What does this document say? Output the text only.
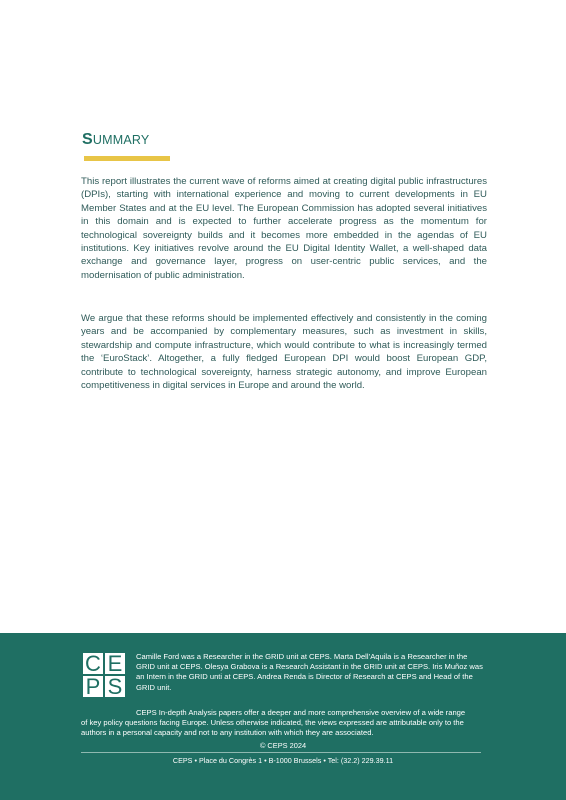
SUMMARY

This report illustrates the current wave of reforms aimed at creating digital public infrastructures (DPIs), starting with international experience and moving to current developments in EU Member States and at the EU level. The European Commission has adopted several initiatives in this domain and is expected to further accelerate progress as the momentum for technological sovereignty builds and it becomes more embedded in the agendas of EU institutions. Key initiatives revolve around the EU Digital Identity Wallet, a well-shaped data exchange and governance layer, progress on user-centric public services, and the modernisation of public administration.

We argue that these reforms should be implemented effectively and consistently in the coming years and be accompanied by complementary measures, such as investment in skills, stewardship and compute infrastructure, which would contribute to what is increasingly termed the ‘EuroStack’. Altogether, a fully fledged European DPI would boost European GDP, contribute to technological sovereignty, harness strategic autonomy, and improve European competitiveness in digital services in Europe and around the world.

C E
P S

Camille Ford was a Researcher in the GRID unit at CEPS. Marta Dell’Aquila is a Researcher in the GRID unit at CEPS. Olesya Grabova is a Research Assistant in the GRID unit at CEPS. Iris Muñoz was an Intern in the GRID unti at CEPS. Andrea Renda is Director of Research at CEPS and Head of the GRID unit.

CEPS In-depth Analysis papers offer a deeper and more comprehensive overview of a wide range
of key policy questions facing Europe. Unless otherwise indicated, the views expressed are attributable only to the authors in a personal capacity and not to any institution with which they are associated.

© CEPS 2024
CEPS • Place du Congrès 1 • B-1000 Brussels • Tel: (32.2) 229.39.11
